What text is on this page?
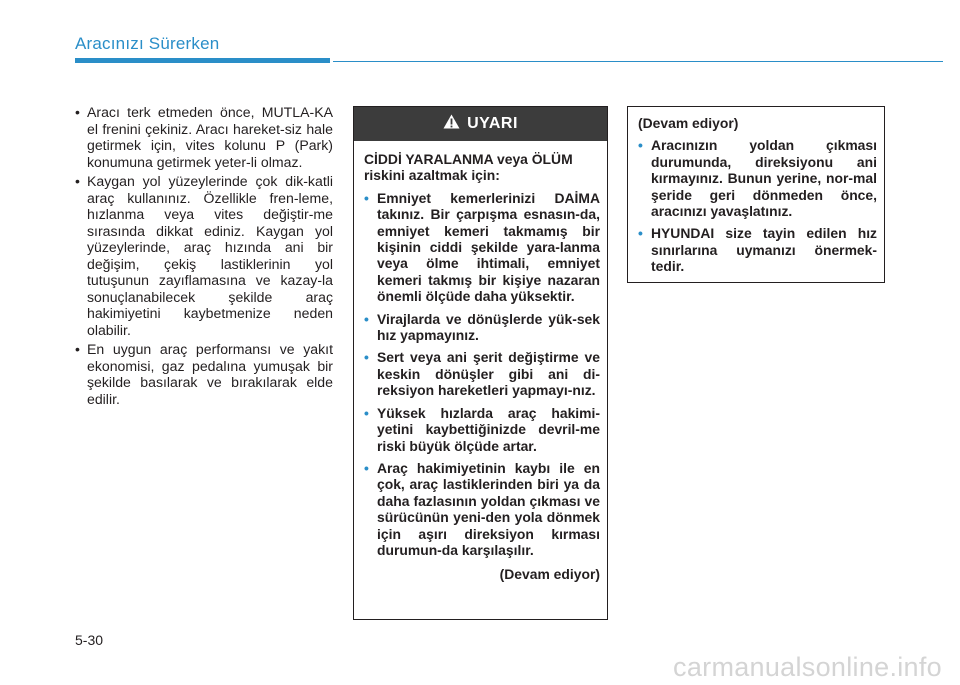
Aracınızı Sürerken
• Aracı terk etmeden önce, MUTLA-KA el frenini çekiniz. Aracı hareket-siz hale getirmek için, vites kolunu P (Park) konumuna getirmek yeter-li olmaz.
• Kaygan yol yüzeylerinde çok dik-katli araç kullanınız. Özellikle fren-leme, hızlanma veya vites değiştir-me sırasında dikkat ediniz. Kaygan yol yüzeylerinde, araç hızında ani bir değişim, çekiş lastiklerinin yol tutuşunun zayıflamasına ve kazay-la sonuçlanabilecek şekilde araç hakimiyetini kaybetmenize neden olabilir.
• En uygun araç performansı ve yakıt ekonomisi, gaz pedalına yumuşak bir şekilde basılarak ve bırakılarak elde edilir.
UYARI
CİDDİ YARALANMA veya ÖLÜM riskini azaltmak için:
• Emniyet kemerlerinizi DAİMA takınız. Bir çarpışma esnasın-da, emniyet kemeri takmamış bir kişinin ciddi şekilde yara-lanma veya ölme ihtimali, emniyet kemeri takmış bir kişiye nazaran önemli ölçüde daha yüksektir.
• Virajlarda ve dönüşlerde yük-sek hız yapmayınız.
• Sert veya ani şerit değiştirme ve keskin dönüşler gibi ani di-reksiyon hareketleri yapmayı-nız.
• Yüksek hızlarda araç hakimi-yetini kaybettiğinizde devril-me riski büyük ölçüde artar.
• Araç hakimiyetinin kaybı ile en çok, araç lastiklerinden biri ya da daha fazlasının yoldan çıkması ve sürücünün yeni-den yola dönmek için aşırı direksiyon kırması durumun-da karşılaşılır.
(Devam ediyor)
(Devam ediyor)
• Aracınızın yoldan çıkması durumunda, direksiyonu ani kırmayınız. Bunun yerine, nor-mal şeride geri dönmeden önce, aracınızı yavaşlatınız.
• HYUNDAI size tayin edilen hız sınırlarına uymanızı önermek-tedir.
5-30
carmanualsonline.info
